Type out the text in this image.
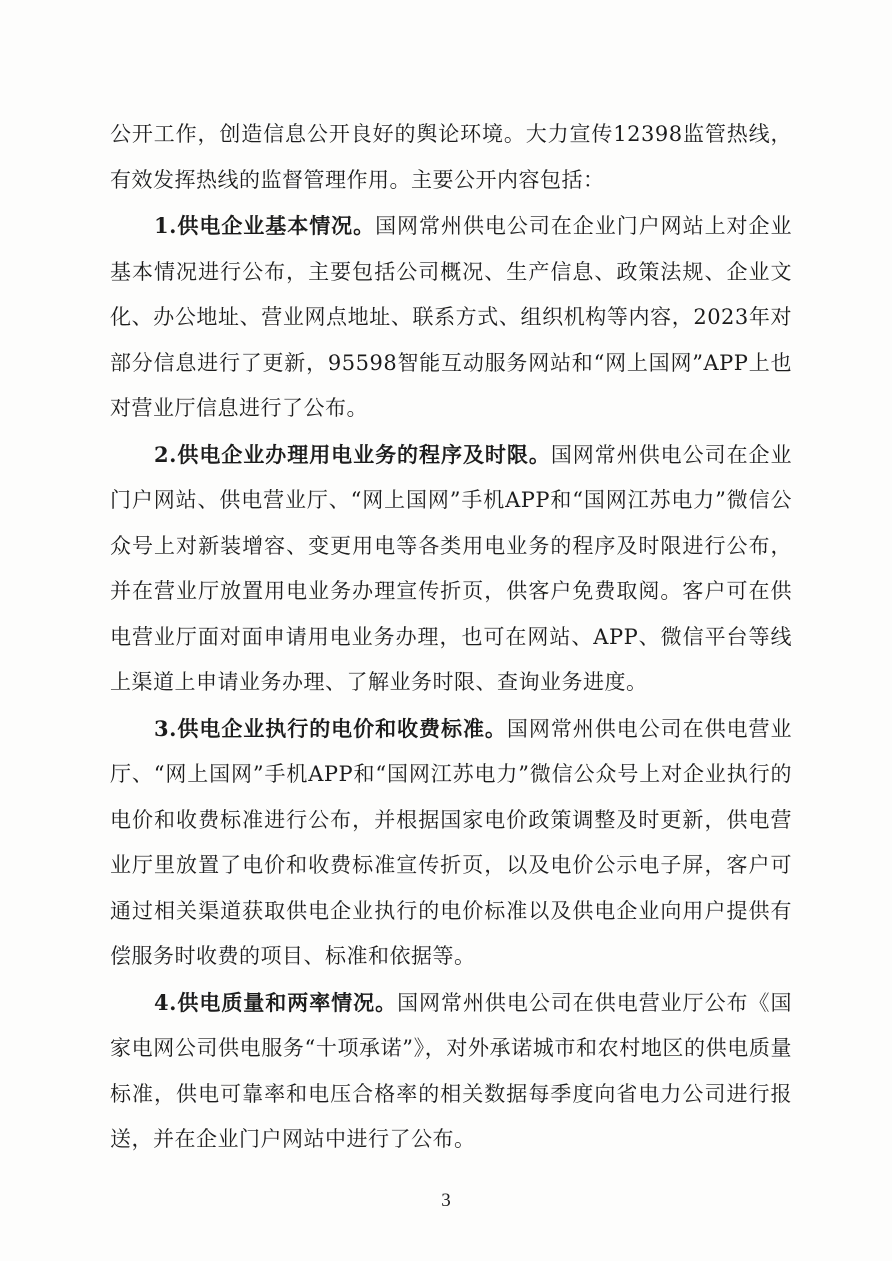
公开工作，创造信息公开良好的舆论环境。大力宣传12398监管热线，有效发挥热线的监督管理作用。主要公开内容包括：

1.供电企业基本情况。国网常州供电公司在企业门户网站上对企业基本情况进行公布，主要包括公司概况、生产信息、政策法规、企业文化、办公地址、营业网点地址、联系方式、组织机构等内容，2023年对部分信息进行了更新，95598智能互动服务网站和“网上国网”APP上也对营业厅信息进行了公布。

2.供电企业办理用电业务的程序及时限。国网常州供电公司在企业门户网站、供电营业厅、“网上国网”手机APP和“国网江苏电力”微信公众号上对新装增容、变更用电等各类用电业务的程序及时限进行公布，并在营业厅放置用电业务办理宣传折页，供客户免费取阅。客户可在供电营业厅面对面申请用电业务办理，也可在网站、APP、微信平台等线上渠道上申请业务办理、了解业务时限、查询业务进度。

3.供电企业执行的电价和收费标准。国网常州供电公司在供电营业厅、“网上国网”手机APP和“国网江苏电力”微信公众号上对企业执行的电价和收费标准进行公布，并根据国家电价政策调整及时更新，供电营业厅里放置了电价和收费标准宣传折页，以及电价公示电子屏，客户可通过相关渠道获取供电企业执行的电价标准以及供电企业向用户提供有偿服务时收费的项目、标准和依据等。

4.供电质量和两率情况。国网常州供电公司在供电营业厅公布《国家电网公司供电服务“十项承诺”》，对外承诺城市和农村地区的供电质量标准，供电可靠率和电压合格率的相关数据每季度向省电力公司进行报送，并在企业门户网站中进行了公布。

3
